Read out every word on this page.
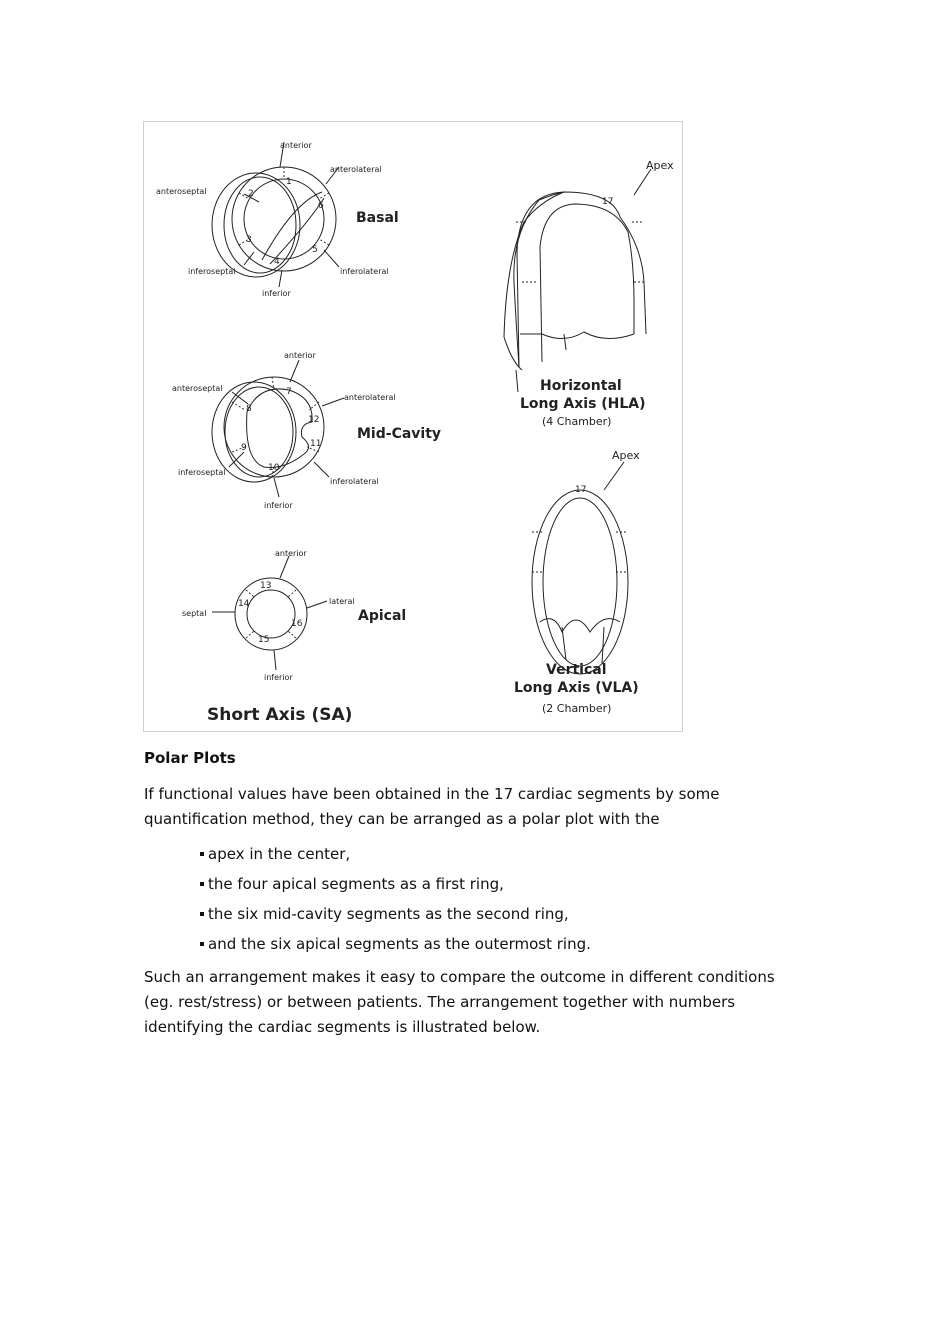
anterior
anterolateral
anteroseptal
inferoseptal	inferolateral
inferior
1
2
3
4
5
6
Basal
anterior
anterolateral
anteroseptal
inferoseptal
inferolateral
inferior
7
8
9
10
11
12
Mid-Cavity
anterior
septal
lateral
inferior
13
14
15
16	Apical
Short Axis (SA)
17
Apex
Horizontal
Long Axis (HLA)
(4 Chamber)
17
Apex
Vertical
Long Axis (VLA)
(2 Chamber)
Polar Plots

If functional values have been obtained in the 17 cardiac segments by some quantification method, they can be arranged as a polar plot with the

apex in the center,
the four apical segments as a first ring,
the six mid-cavity segments as the second ring,
and the six apical segments as the outermost ring.

Such an arrangement makes it easy to compare the outcome in different conditions (eg. rest/stress) or between patients. The arrangement together with numbers identifying the cardiac segments is illustrated below.
